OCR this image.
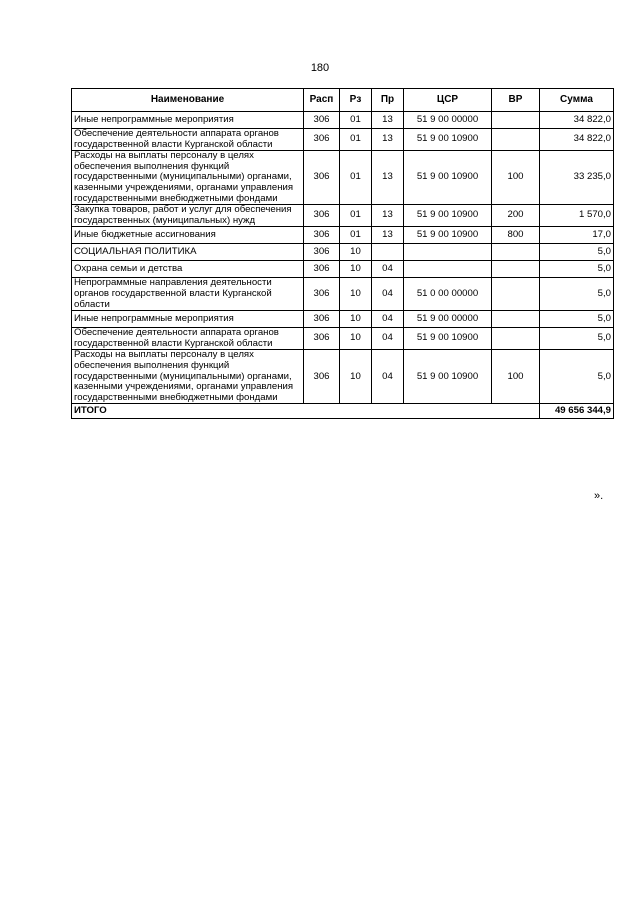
180
Наименование	Расп	Рз	Пр	ЦСР	ВР	Сумма
Иные непрограммные мероприятия	306	01	13	51 9 00 00000		34 822,0
Обеспечение деятельности аппарата органов государственной власти Курганской области	306	01	13	51 9 00 10900		34 822,0
Расходы на выплаты персоналу в целях обеспечения выполнения функций государственными (муниципальными) органами, казенными учреждениями, органами управления государственными внебюджетными фондами	306	01	13	51 9 00 10900	100	33 235,0
Закупка товаров, работ и услуг для обеспечения государственных (муниципальных) нужд	306	01	13	51 9 00 10900	200	1 570,0
Иные бюджетные ассигнования	306	01	13	51 9 00 10900	800	17,0
СОЦИАЛЬНАЯ ПОЛИТИКА	306	10				5,0
Охрана семьи и детства	306	10	04			5,0
Непрограммные направления деятельности органов государственной власти Курганской области	306	10	04	51 0 00 00000		5,0
Иные непрограммные мероприятия	306	10	04	51 9 00 00000		5,0
Обеспечение деятельности аппарата органов государственной власти Курганской области	306	10	04	51 9 00 10900		5,0
Расходы на выплаты персоналу в целях обеспечения выполнения функций государственными (муниципальными) органами, казенными учреждениями, органами управления государственными внебюджетными фондами	306	10	04	51 9 00 10900	100	5,0
ИТОГО						49 656 344,9
».
